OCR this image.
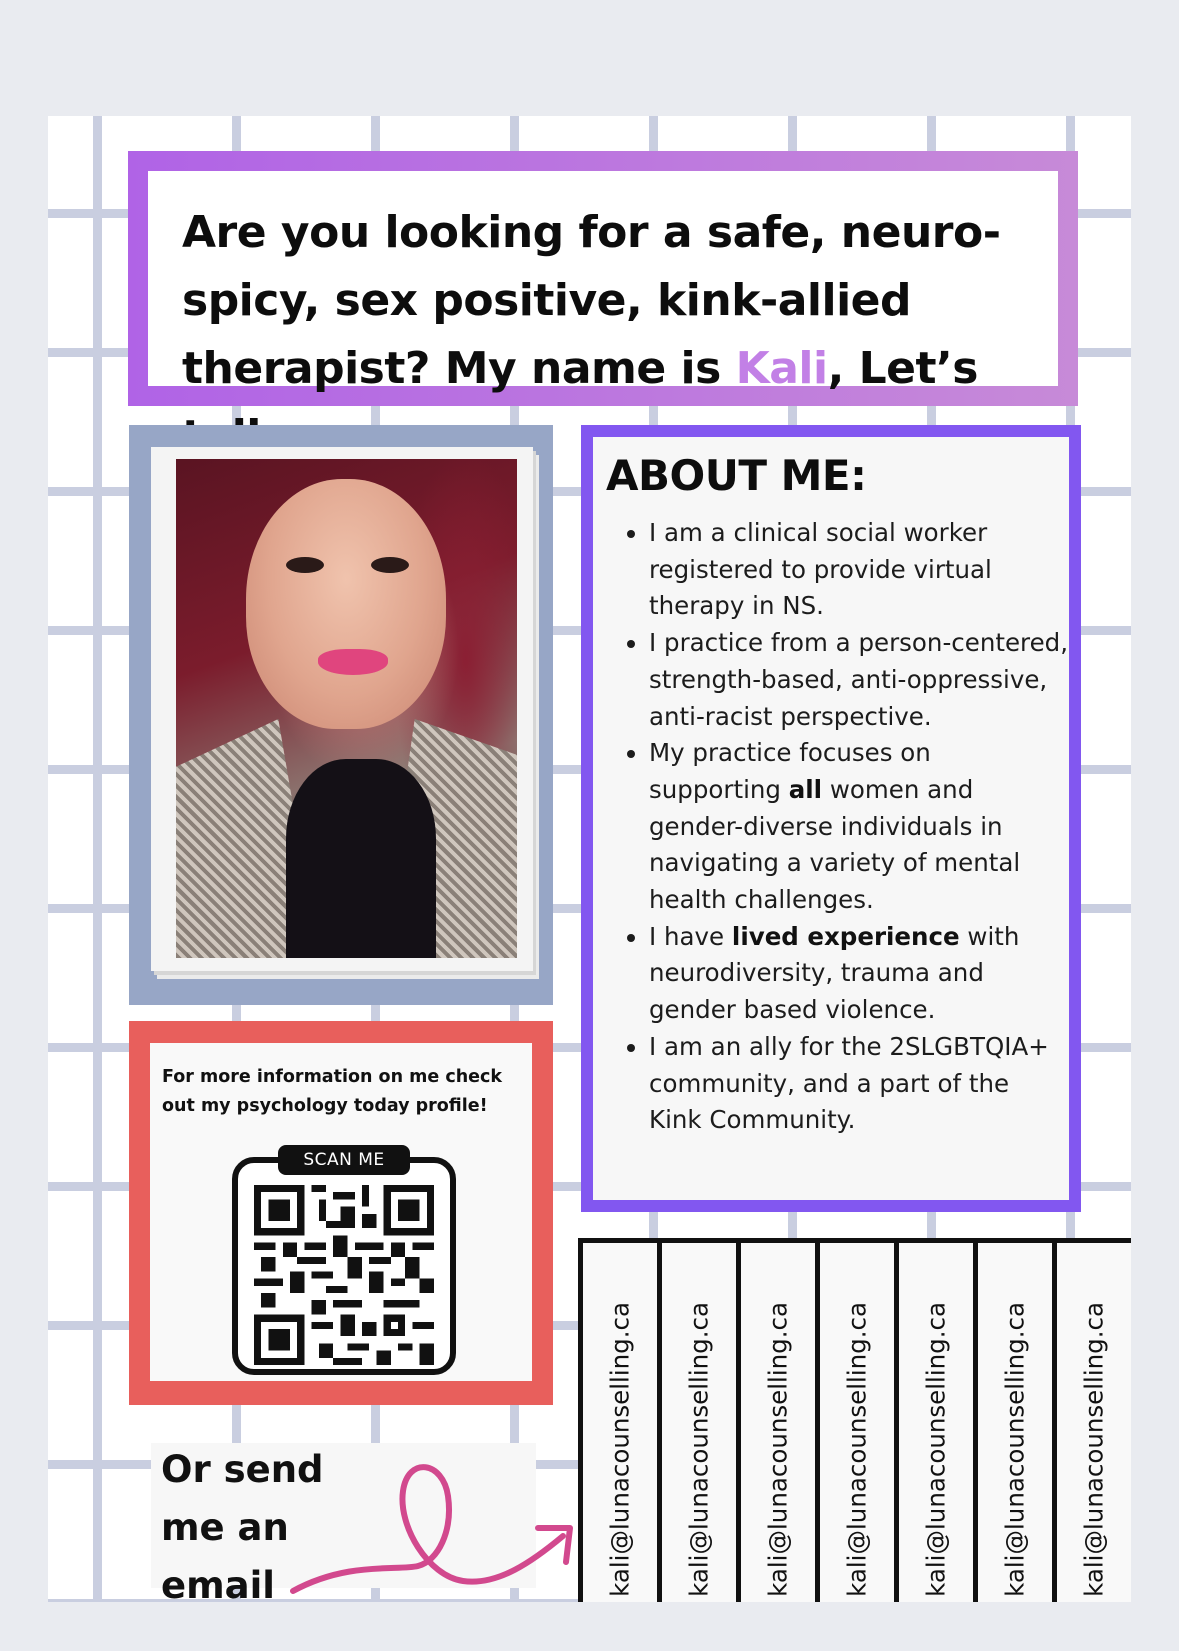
Are you looking for a safe, neuro-spicy, sex positive, kink-allied therapist? My name is Kali, Let’s

For more information on me check out my psychology today profile!

SCAN ME

Or send me an email

ABOUT ME:
• I am a clinical social worker registered to provide virtual therapy in NS.
• I practice from a person-centered, strength-based, anti-oppressive, anti-racist perspective.
• My practice focuses on supporting all women and gender-diverse individuals in navigating a variety of mental health challenges.
• I have lived experience with neurodiversity, trauma and gender based violence.
• I am an ally for the 2SLGBTQIA+ community, and a part of the Kink Community.
kali@lunacounselling.ca kali@lunacounselling.ca kali@lunacounselling.ca kali@lunacounselling.ca kali@lunacounselling.ca kali@lunacounselling.ca kali@lunacounselling.ca
